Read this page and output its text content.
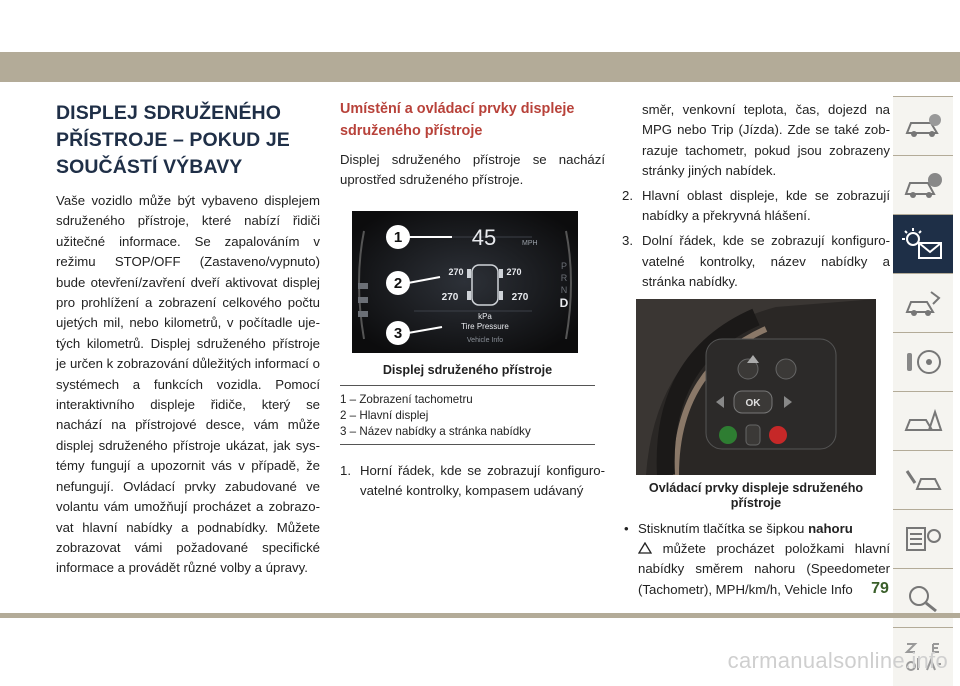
DISPLEJ SDRUŽENÉHO PŘÍSTROJE – POKUD JE SOUČÁSTÍ VÝBAVY

Vaše vozidlo může být vybaveno displejem sdruženého přístroje, které nabízí řidiči užitečné informace. Se zapalováním v režimu STOP/OFF (Zastaveno/vypnuto) bude otevření/zavření dveří aktivovat displej pro prohlížení a zobrazení celkového počtu ujetých mil, nebo kilometrů, v počítadle ujetých kilometrů. Displej sdruženého přístroje je určen k zobrazování důležitých informací o systémech a funkcích vozidla. Pomocí interaktivního displeje řidiče, který se nachází na přístrojové desce, vám může displej sdruženého přístroje ukázat, jak systémy fungují a upozornit vás v případě, že nefungují. Ovládací prvky zabudované ve volantu vám umožňují procházet a zobrazovat hlavní nabídky a podnabídky. Můžete zobrazovat vámi požadované specifické informace a provádět různé volby a úpravy.

Umístění a ovládací prvky displeje sdruženého přístroje

Displej sdruženého přístroje se nachází uprostřed sdruženého přístroje.

1
2
3
45	MPH
270	270
270	270
kPa
Tire Pressure
Vehicle Info
P
R
N
D
Displej sdruženého přístroje
1 – Zobrazení tachometru
2 – Hlavní displej
3 – Název nabídky a stránka nabídky
1. Horní řádek, kde se zobrazují konfigurovatelné kontrolky, kompasem udávaný

směr, venkovní teplota, čas, dojezd na MPG nebo Trip (Jízda). Zde se také zobrazuje tachometr, pokud jsou zobrazeny stránky jiných nabídek.

2. Hlavní oblast displeje, kde se zobrazují nabídky a překryvná hlášení.
3. Dolní řádek, kde se zobrazují konfigurovatelné kontrolky, název nabídky a stránka nabídky.
OK
Ovládací prvky displeje sdruženého přístroje
• Stisknutím tlačítka se šipkou nahoru
můžete procházet položkami hlavní nabídky směrem nahoru (Speedometer (Tachometr), MPH/km/h, Vehicle Info	79
carmanualsonline.info
